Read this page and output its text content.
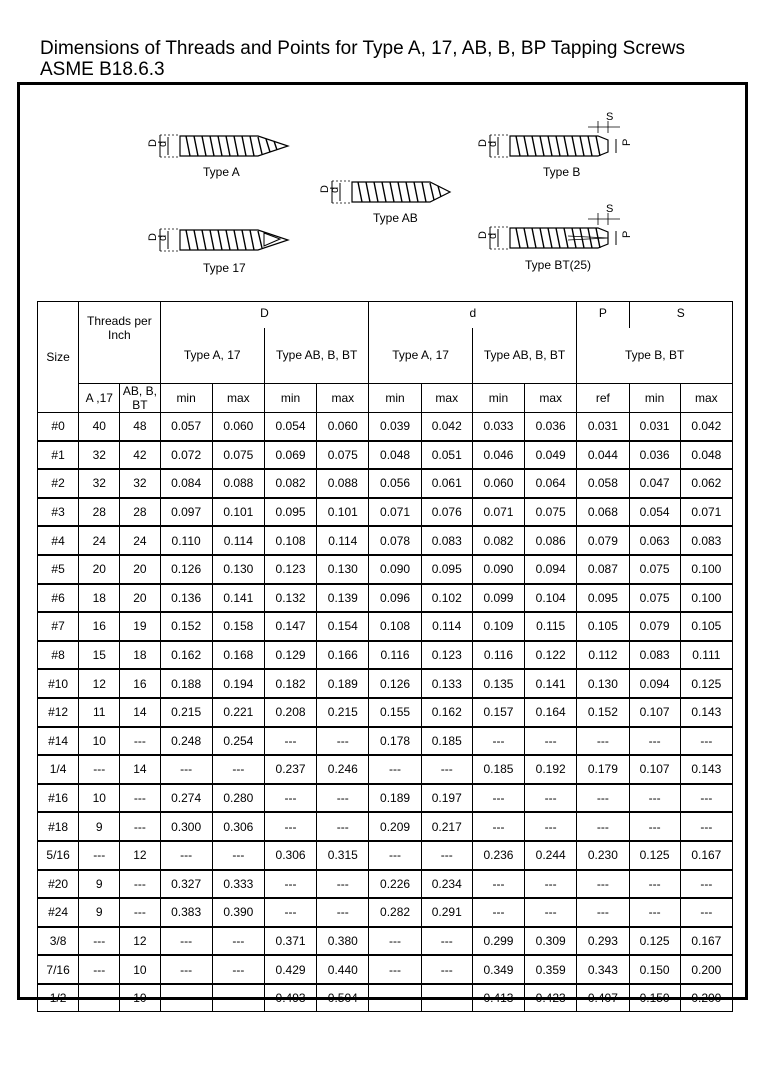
Dimensions of Threads and Points for Type A, 17, AB, B, BP Tapping Screws
ASME B18.6.3
D
d
Type A
S
P
D
d
Type B
D
d
Type AB
D
d
Type 17
S
P
D
d
Type BT(25)
Size	Threads per Inch		D				d				P	S	
			Type A, 17		Type AB, B, BT		Type A, 17		Type AB, B, BT		Type B, BT		
	A ,17	AB, B, BT	min	max	min	max	min	max	min	max	ref	min	max
#0	40	48	0.057	0.060	0.054	0.060	0.039	0.042	0.033	0.036	0.031	0.031	0.042
#1	32	42	0.072	0.075	0.069	0.075	0.048	0.051	0.046	0.049	0.044	0.036	0.048
#2	32	32	0.084	0.088	0.082	0.088	0.056	0.061	0.060	0.064	0.058	0.047	0.062
#3	28	28	0.097	0.101	0.095	0.101	0.071	0.076	0.071	0.075	0.068	0.054	0.071
#4	24	24	0.110	0.114	0.108	0.114	0.078	0.083	0.082	0.086	0.079	0.063	0.083
#5	20	20	0.126	0.130	0.123	0.130	0.090	0.095	0.090	0.094	0.087	0.075	0.100
#6	18	20	0.136	0.141	0.132	0.139	0.096	0.102	0.099	0.104	0.095	0.075	0.100
#7	16	19	0.152	0.158	0.147	0.154	0.108	0.114	0.109	0.115	0.105	0.079	0.105
#8	15	18	0.162	0.168	0.129	0.166	0.116	0.123	0.116	0.122	0.112	0.083	0.111
#10	12	16	0.188	0.194	0.182	0.189	0.126	0.133	0.135	0.141	0.130	0.094	0.125
#12	11	14	0.215	0.221	0.208	0.215	0.155	0.162	0.157	0.164	0.152	0.107	0.143
#14	10	---	0.248	0.254	---	---	0.178	0.185	---	---	---	---	---
1/4	---	14	---	---	0.237	0.246	---	---	0.185	0.192	0.179	0.107	0.143
#16	10	---	0.274	0.280	---	---	0.189	0.197	---	---	---	---	---
#18	9	---	0.300	0.306	---	---	0.209	0.217	---	---	---	---	---
5/16	---	12	---	---	0.306	0.315	---	---	0.236	0.244	0.230	0.125	0.167
#20	9	---	0.327	0.333	---	---	0.226	0.234	---	---	---	---	---
#24	9	---	0.383	0.390	---	---	0.282	0.291	---	---	---	---	---
3/8	---	12	---	---	0.371	0.380	---	---	0.299	0.309	0.293	0.125	0.167
7/16	---	10	---	---	0.429	0.440	---	---	0.349	0.359	0.343	0.150	0.200
1/2	---	10	---	---	0.493	0.504	---	---	0.413	0.423	0.407	0.150	0.200
